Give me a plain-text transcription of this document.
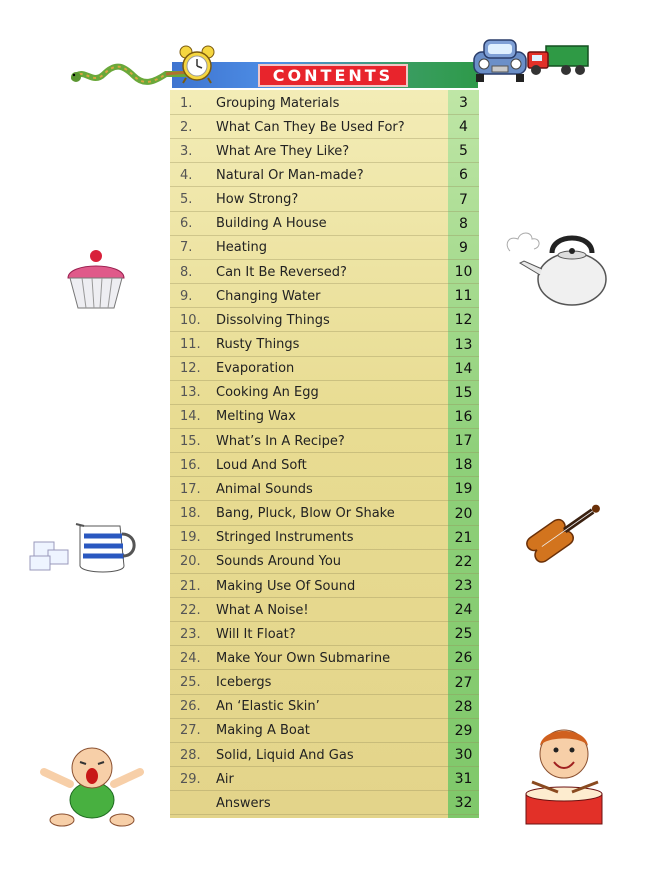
CONTENTS
1.	Grouping Materials	3
2.	What Can They Be Used For?	4
3.	What Are They Like?	5
4.	Natural Or Man-made?	6
5.	How Strong?	7
6.	Building A House	8
7.	Heating	9
8.	Can It Be Reversed?	10
9.	Changing Water	11
10.	Dissolving Things	12
11.	Rusty Things	13
12.	Evaporation	14
13.	Cooking An Egg	15
14.	Melting Wax	16
15.	What’s In A Recipe?	17
16.	Loud And Soft	18
17.	Animal Sounds	19
18.	Bang, Pluck, Blow Or Shake	20
19.	Stringed Instruments	21
20.	Sounds Around You	22
21.	Making Use Of Sound	23
22.	What A Noise!	24
23.	Will It Float?	25
24.	Make Your Own Submarine	26
25.	Icebergs	27
26.	An ‘Elastic Skin’	28
27.	Making A Boat	29
28.	Solid, Liquid And Gas	30
29.	Air	31
Answers	32
